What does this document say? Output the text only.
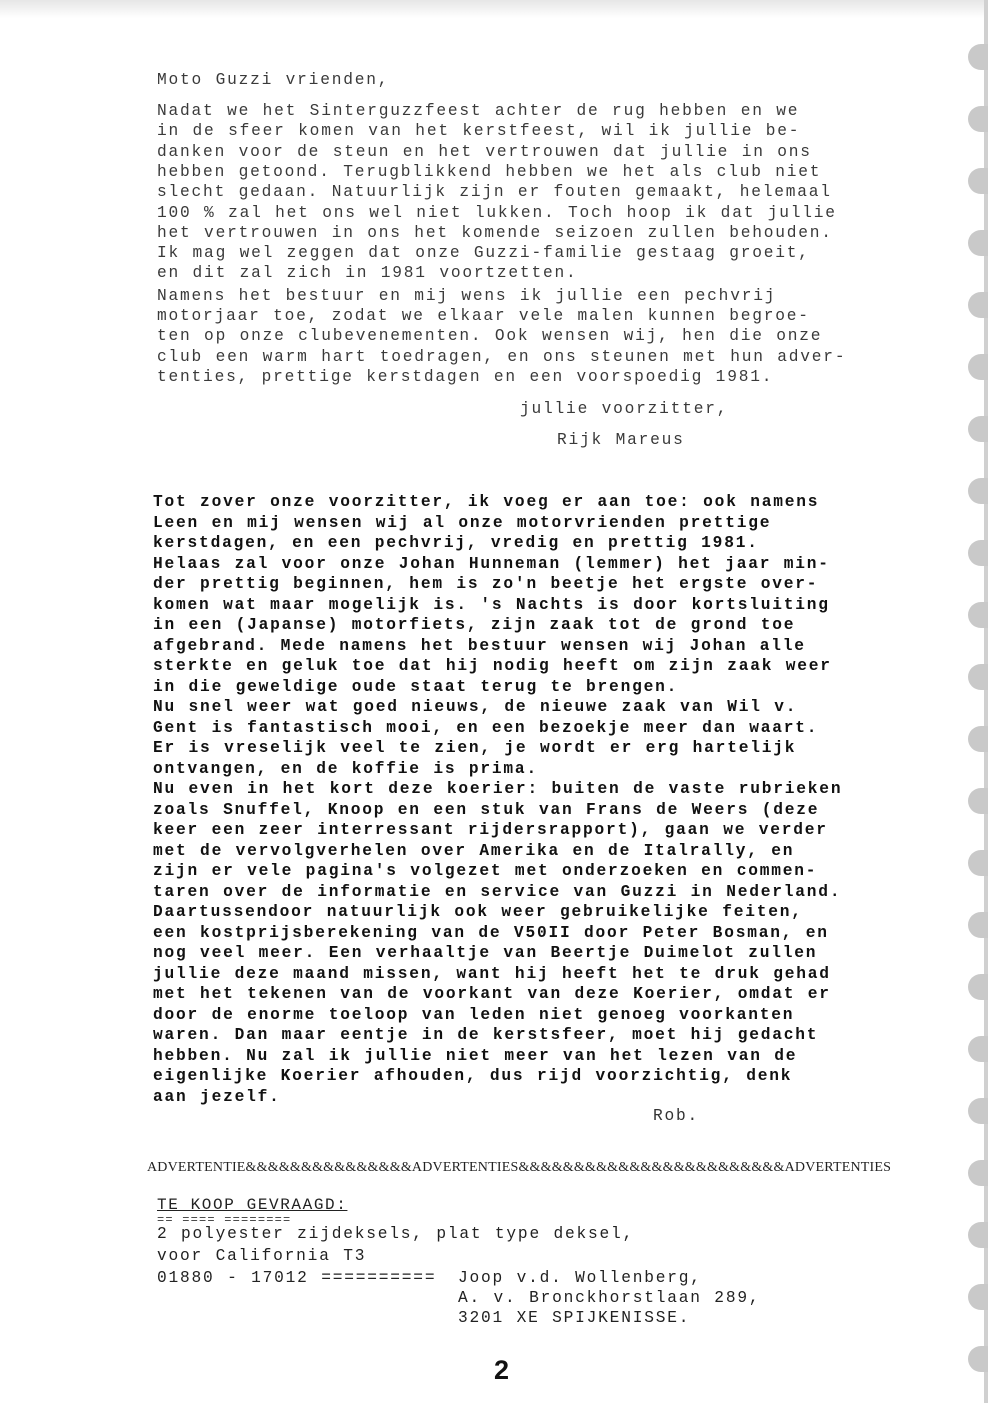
Moto Guzzi vrienden,
Nadat we het Sinterguzzfeest achter de rug hebben en we
in de sfeer komen van het kerstfeest, wil ik jullie be-
danken voor de steun en het vertrouwen dat jullie in ons
hebben getoond. Terugblikkend hebben we het als club niet
slecht gedaan. Natuurlijk zijn er fouten gemaakt, helemaal
100 % zal het ons wel niet lukken. Toch hoop ik dat jullie
het vertrouwen in ons het komende seizoen zullen behouden.
Ik mag wel zeggen dat onze Guzzi-familie gestaag groeit,
en dit zal zich in 1981 voortzetten.
Namens het bestuur en mij wens ik jullie een pechvrij
motorjaar toe, zodat we elkaar vele malen kunnen begroe-
ten op onze clubevenementen. Ook wensen wij, hen die onze
club een warm hart toedragen, en ons steunen met hun adver-
tenties, prettige kerstdagen en een voorspoedig 1981.
jullie voorzitter,
Rijk Mareus
Tot zover onze voorzitter, ik voeg er aan toe: ook namens
Leen en mij wensen wij al onze motorvrienden prettige
kerstdagen, en een pechvrij, vredig en prettig 1981.
Helaas zal voor onze Johan Hunneman (lemmer) het jaar min-
der prettig beginnen, hem is zo'n beetje het ergste over-
komen wat maar mogelijk is. 's Nachts is door kortsluiting
in een (Japanse) motorfiets, zijn zaak tot de grond toe
afgebrand. Mede namens het bestuur wensen wij Johan alle
sterkte en geluk toe dat hij nodig heeft om zijn zaak weer
in die geweldige oude staat terug te brengen.
Nu snel weer wat goed nieuws, de nieuwe zaak van Wil v.
Gent is fantastisch mooi, en een bezoekje meer dan waart.
Er is vreselijk veel te zien, je wordt er erg hartelijk
ontvangen, en de koffie is prima.
Nu even in het kort deze koerier: buiten de vaste rubrieken
zoals Snuffel, Knoop en een stuk van Frans de Weers (deze
keer een zeer interressant rijdersrapport), gaan we verder
met de vervolgverhelen over Amerika en de Italrally, en
zijn er vele pagina's volgezet met onderzoeken en commen-
taren over de informatie en service van Guzzi in Nederland.
Daartussendoor natuurlijk ook weer gebruikelijke feiten,
een kostprijsberekening van de V50II door Peter Bosman, en
nog veel meer. Een verhaaltje van Beertje Duimelot zullen
jullie deze maand missen, want hij heeft het te druk gehad
met het tekenen van de voorkant van deze Koerier, omdat er
door de enorme toeloop van leden niet genoeg voorkanten
waren. Dan maar eentje in de kerstsfeer, moet hij gedacht
hebben. Nu zal ik jullie niet meer van het lezen van de
eigenlijke Koerier afhouden, dus rijd voorzichtig, denk
aan jezelf.
Rob.
ADVERTENTIE&&&&&&&&&&&&&&&ADVERTENTIES&&&&&&&&&&&&&&&&&&&&&&&&ADVERTENTIES
TE KOOP GEVRAAGD:
== ==== ========
2 polyester zijdeksels, plat type deksel,
voor California T3
01880 - 17012 ========== Joop v.d. Wollenberg,
A. v. Bronckhorstlaan 289,
3201 XE SPIJKENISSE.
2
